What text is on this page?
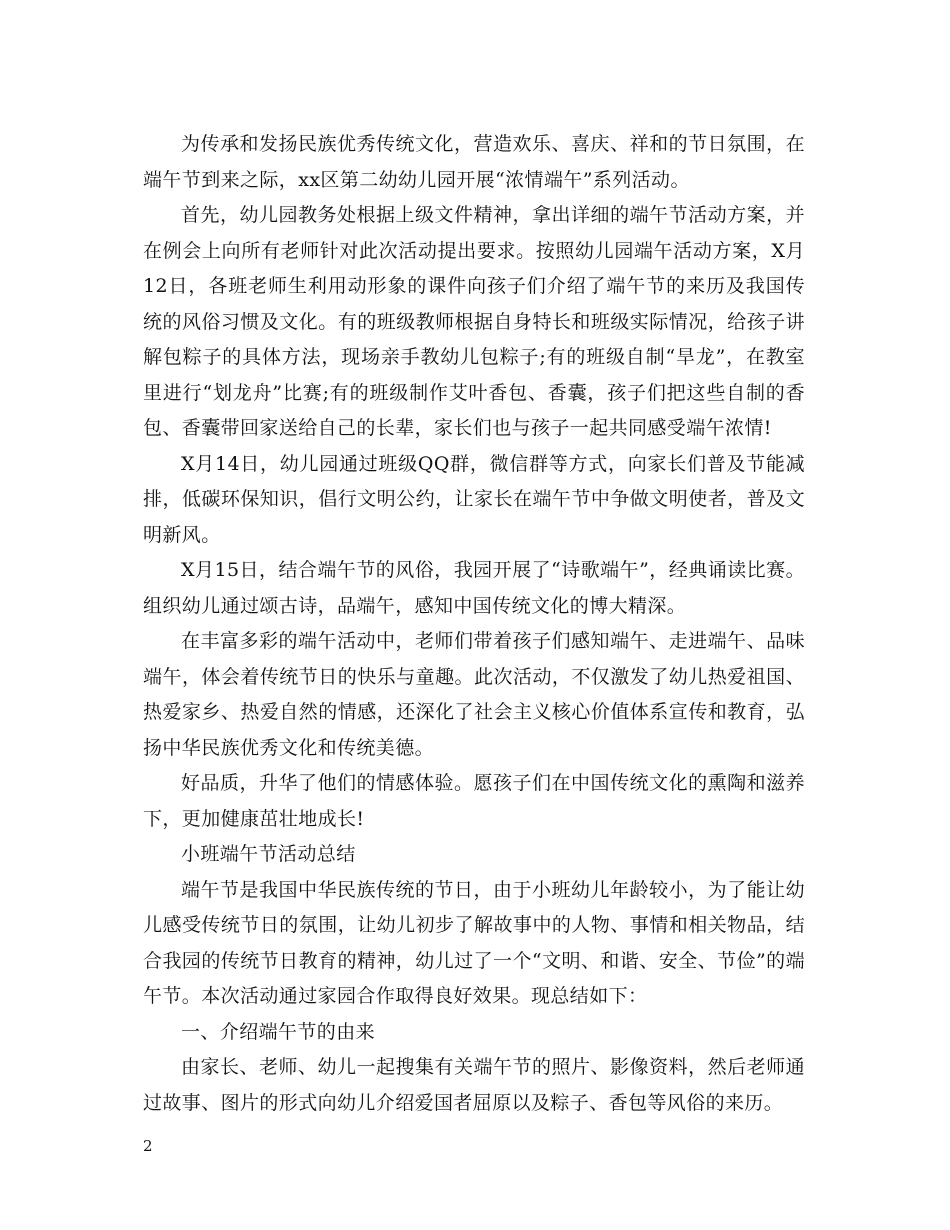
为传承和发扬民族优秀传统文化，营造欢乐、喜庆、祥和的节日氛围，在端午节到来之际，xx区第二幼幼儿园开展“浓情端午”系列活动。

首先，幼儿园教务处根据上级文件精神，拿出详细的端午节活动方案，并在例会上向所有老师针对此次活动提出要求。按照幼儿园端午活动方案，X月12日，各班老师生利用动形象的课件向孩子们介绍了端午节的来历及我国传统的风俗习惯及文化。有的班级教师根据自身特长和班级实际情况，给孩子讲解包粽子的具体方法，现场亲手教幼儿包粽子;有的班级自制“旱龙”，在教室里进行“划龙舟”比赛;有的班级制作艾叶香包、香囊，孩子们把这些自制的香包、香囊带回家送给自己的长辈，家长们也与孩子一起共同感受端午浓情!

X月14日，幼儿园通过班级QQ群，微信群等方式，向家长们普及节能减排，低碳环保知识，倡行文明公约，让家长在端午节中争做文明使者，普及文明新风。

X月15日，结合端午节的风俗，我园开展了“诗歌端午”，经典诵读比赛。组织幼儿通过颂古诗，品端午，感知中国传统文化的博大精深。

在丰富多彩的端午活动中，老师们带着孩子们感知端午、走进端午、品味端午，体会着传统节日的快乐与童趣。此次活动，不仅激发了幼儿热爱祖国、热爱家乡、热爱自然的情感，还深化了社会主义核心价值体系宣传和教育，弘扬中华民族优秀文化和传统美德。

好品质，升华了他们的情感体验。愿孩子们在中国传统文化的熏陶和滋养下，更加健康茁壮地成长!

小班端午节活动总结

端午节是我国中华民族传统的节日，由于小班幼儿年龄较小，为了能让幼儿感受传统节日的氛围，让幼儿初步了解故事中的人物、事情和相关物品，结合我园的传统节日教育的精神，幼儿过了一个“文明、和谐、安全、节俭”的端午节。本次活动通过家园合作取得良好效果。现总结如下：

一、介绍端午节的由来

由家长、老师、幼儿一起搜集有关端午节的照片、影像资料，然后老师通过故事、图片的形式向幼儿介绍爱国者屈原以及粽子、香包等风俗的来历。

2
